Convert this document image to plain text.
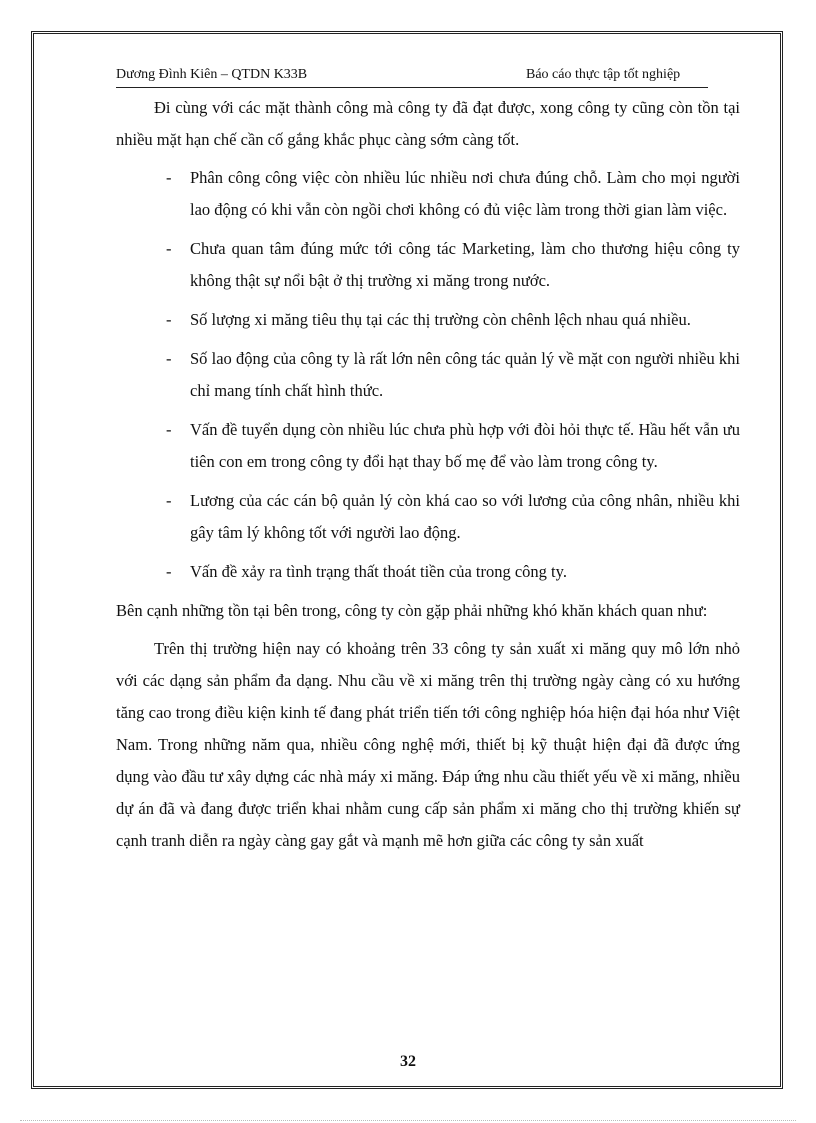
Dương Đình Kiên – QTDN K33B	Báo cáo thực tập tốt nghiệp

Đi cùng với các mặt thành công mà công ty đã đạt được, xong công ty cũng còn tồn tại nhiều mặt hạn chế cần cố gắng khắc phục càng sớm càng tốt.

- Phân công công việc còn nhiều lúc nhiều nơi chưa đúng chỗ. Làm cho mọi người lao động có khi vẫn còn ngồi chơi không có đủ việc làm trong thời gian làm việc.
- Chưa quan tâm đúng mức tới công tác Marketing, làm cho thương hiệu công ty không thật sự nổi bật ở thị trường xi măng trong nước.
- Số lượng xi măng tiêu thụ tại các thị trường còn chênh lệch nhau quá nhiều.
- Số lao động của công ty là rất lớn nên công tác quản lý về mặt con người nhiều khi chỉ mang tính chất hình thức.
- Vấn đề tuyển dụng còn nhiều lúc chưa phù hợp với đòi hỏi thực tế. Hầu hết vẫn ưu tiên con em trong công ty đổi hạt thay bố mẹ để vào làm trong công ty.
- Lương của các cán bộ quản lý còn khá cao so với lương của công nhân, nhiều khi gây tâm lý không tốt với người lao động.
- Vấn đề xảy ra tình trạng thất thoát tiền của trong công ty.

Bên cạnh những tồn tại bên trong, công ty còn gặp phải những khó khăn khách quan như:

Trên thị trường hiện nay có khoảng trên 33 công ty sản xuất xi măng quy mô lớn nhỏ với các dạng sản phẩm đa dạng. Nhu cầu về xi măng trên thị trường ngày càng có xu hướng tăng cao trong điều kiện kinh tế đang phát triển tiến tới công nghiệp hóa hiện đại hóa như Việt Nam. Trong những năm qua, nhiều công nghệ mới, thiết bị kỹ thuật hiện đại đã được ứng dụng vào đầu tư xây dựng các nhà máy xi măng. Đáp ứng nhu cầu thiết yếu về xi măng, nhiều dự án đã và đang được triển khai nhằm cung cấp sản phẩm xi măng cho thị trường khiến sự cạnh tranh diễn ra ngày càng gay gắt và mạnh mẽ hơn giữa các công ty sản xuất

32
